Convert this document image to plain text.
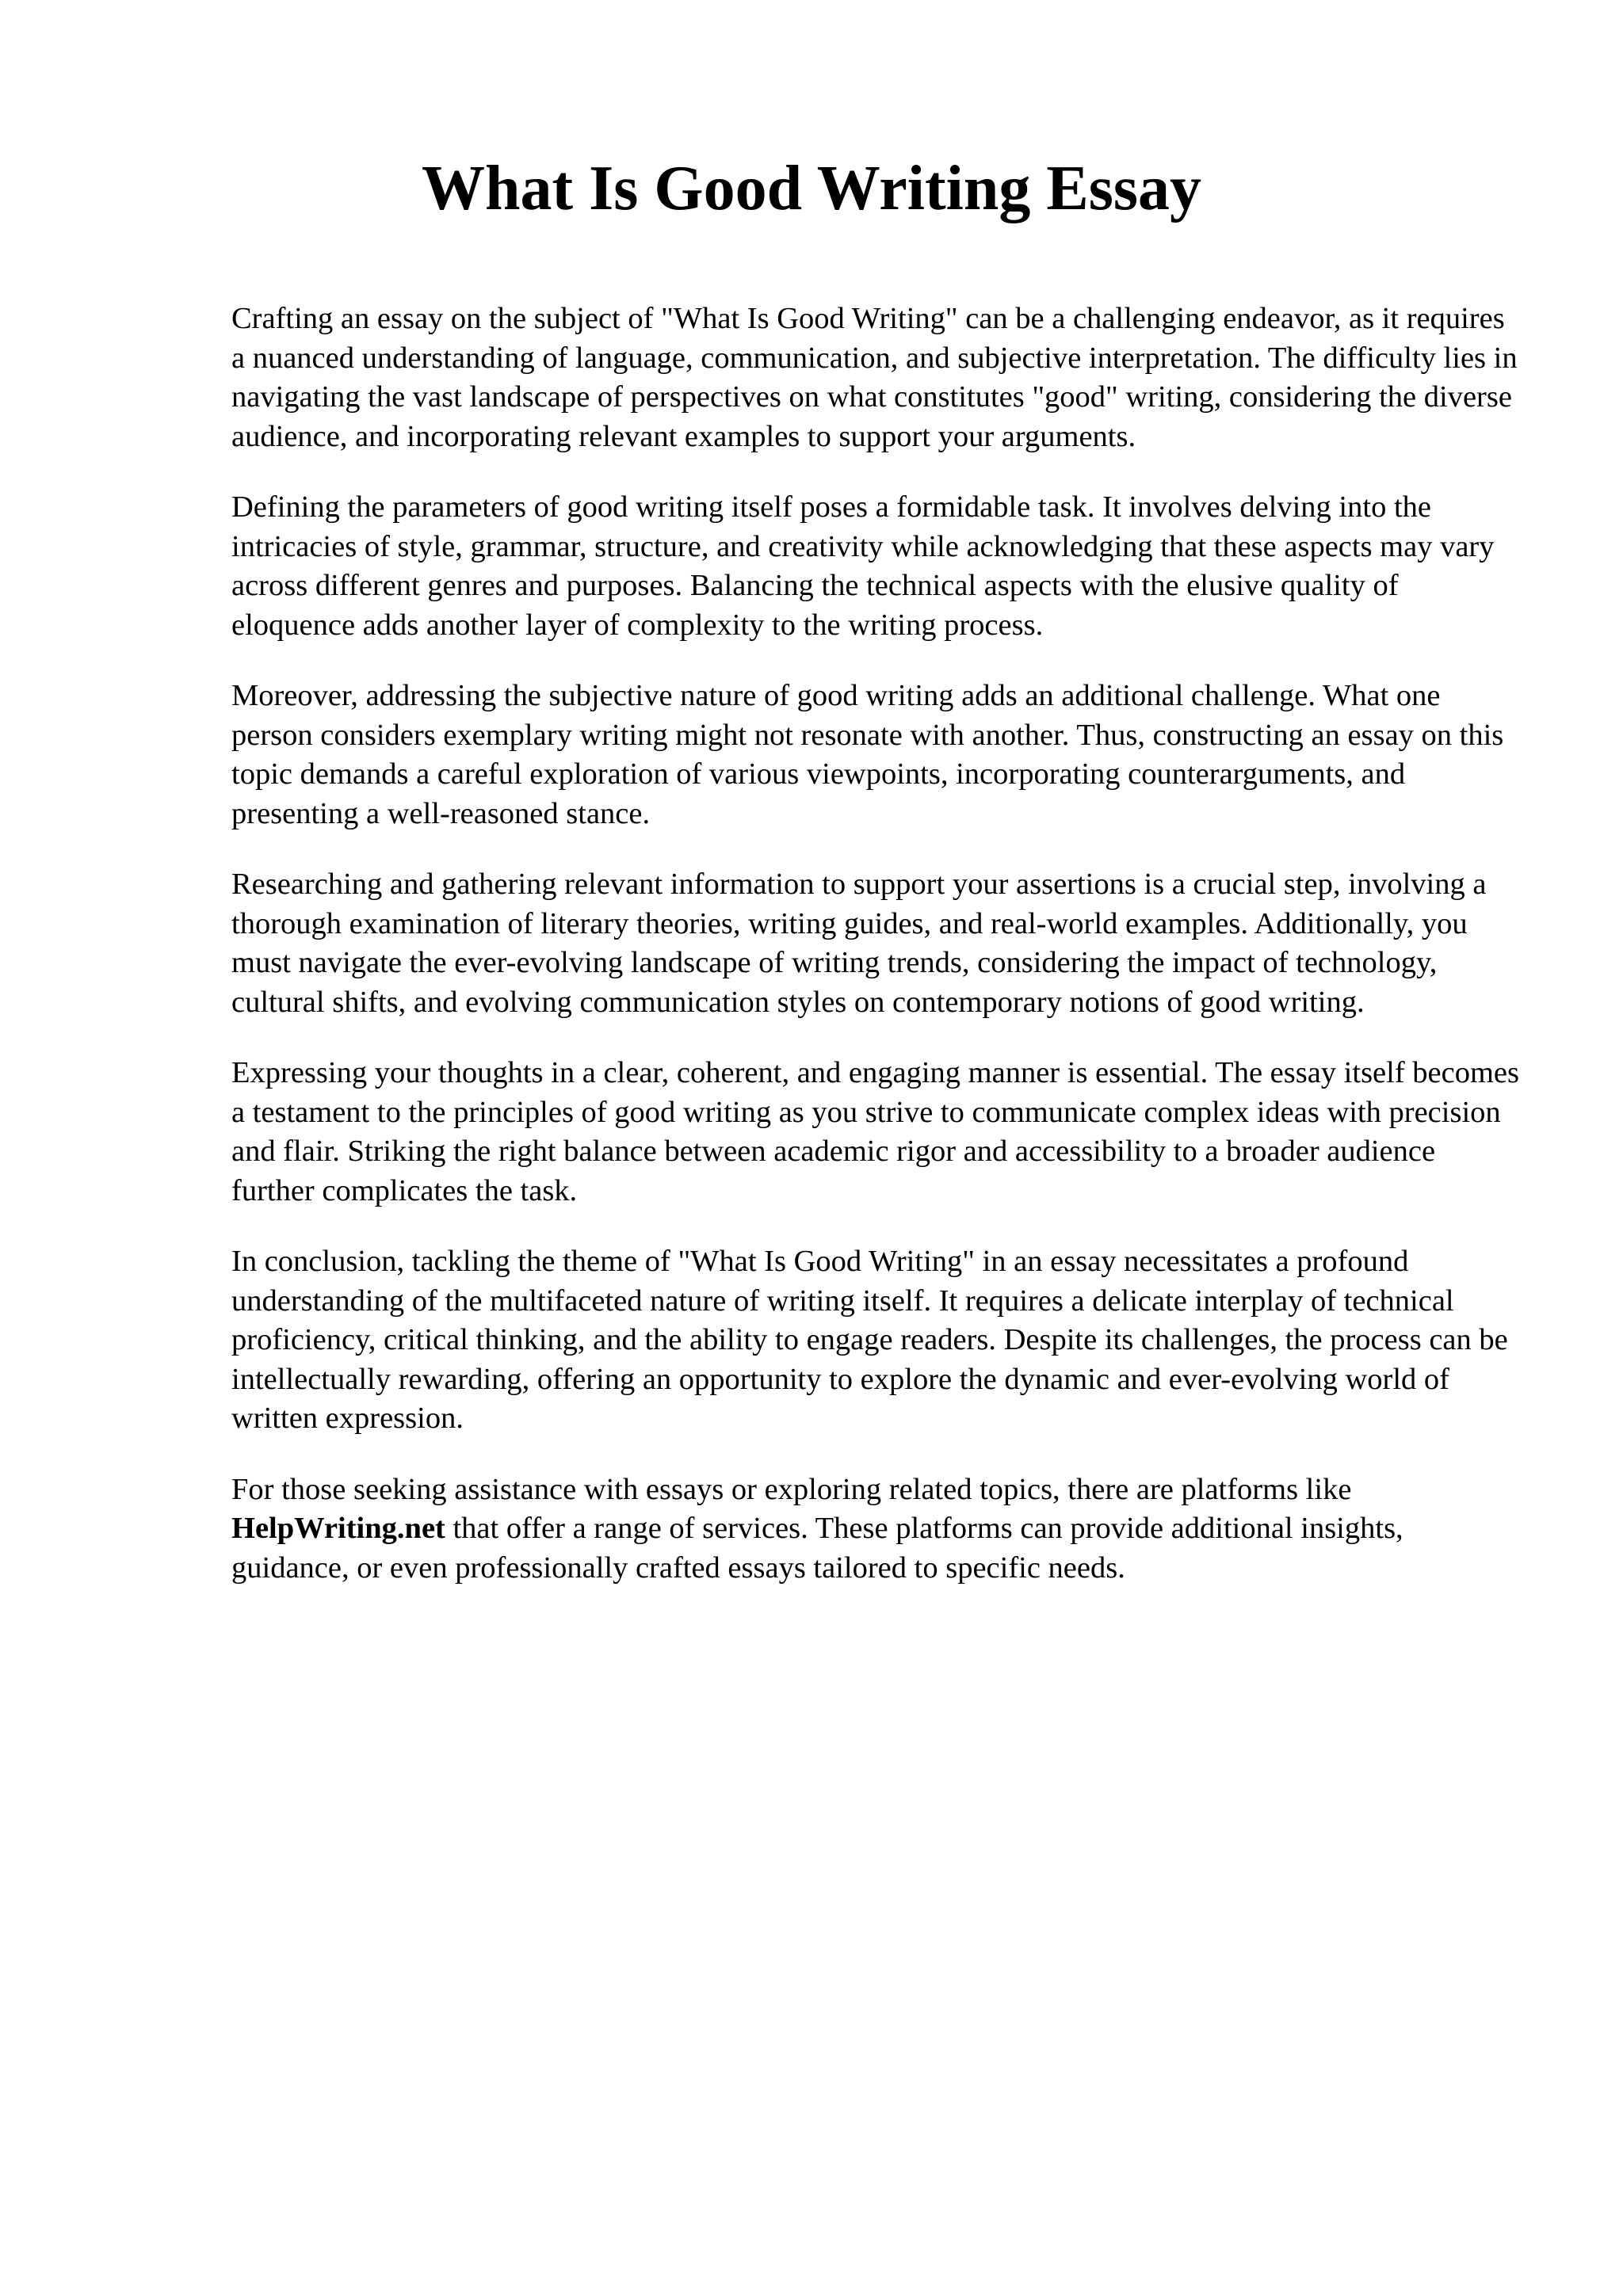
What Is Good Writing Essay

Crafting an essay on the subject of "What Is Good Writing" can be a challenging endeavor, as it requires a nuanced understanding of language, communication, and subjective interpretation. The difficulty lies in navigating the vast landscape of perspectives on what constitutes "good" writing, considering the diverse audience, and incorporating relevant examples to support your arguments.

Defining the parameters of good writing itself poses a formidable task. It involves delving into the intricacies of style, grammar, structure, and creativity while acknowledging that these aspects may vary across different genres and purposes. Balancing the technical aspects with the elusive quality of eloquence adds another layer of complexity to the writing process.

Moreover, addressing the subjective nature of good writing adds an additional challenge. What one person considers exemplary writing might not resonate with another. Thus, constructing an essay on this topic demands a careful exploration of various viewpoints, incorporating counterarguments, and presenting a well-reasoned stance.

Researching and gathering relevant information to support your assertions is a crucial step, involving a thorough examination of literary theories, writing guides, and real-world examples. Additionally, you must navigate the ever-evolving landscape of writing trends, considering the impact of technology, cultural shifts, and evolving communication styles on contemporary notions of good writing.

Expressing your thoughts in a clear, coherent, and engaging manner is essential. The essay itself becomes a testament to the principles of good writing as you strive to communicate complex ideas with precision and flair. Striking the right balance between academic rigor and accessibility to a broader audience further complicates the task.

In conclusion, tackling the theme of "What Is Good Writing" in an essay necessitates a profound understanding of the multifaceted nature of writing itself. It requires a delicate interplay of technical proficiency, critical thinking, and the ability to engage readers. Despite its challenges, the process can be intellectually rewarding, offering an opportunity to explore the dynamic and ever-evolving world of written expression.

For those seeking assistance with essays or exploring related topics, there are platforms like HelpWriting.net that offer a range of services. These platforms can provide additional insights, guidance, or even professionally crafted essays tailored to specific needs.
